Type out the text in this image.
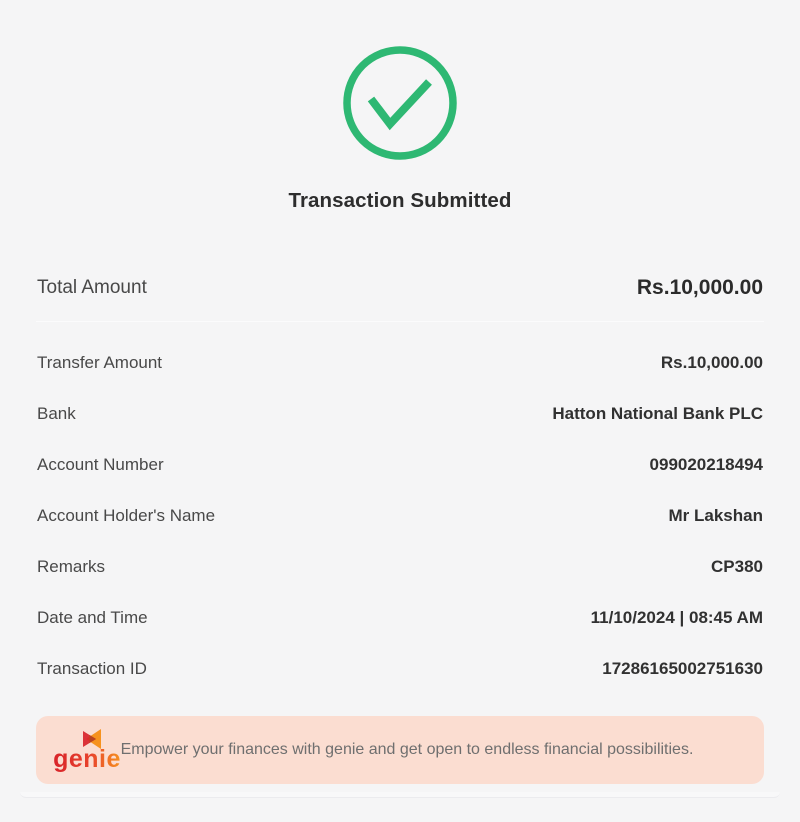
Transaction Submitted
Total Amount	Rs.10,000.00
Transfer Amount	Rs.10,000.00
Bank	Hatton National Bank PLC
Account Number	099020218494
Account Holder's Name	Mr Lakshan
Remarks	CP380
Date and Time	11/10/2024 | 08:45 AM
Transaction ID	17286165002751630
genie Empower your finances with genie and get open to endless financial possibilities.
